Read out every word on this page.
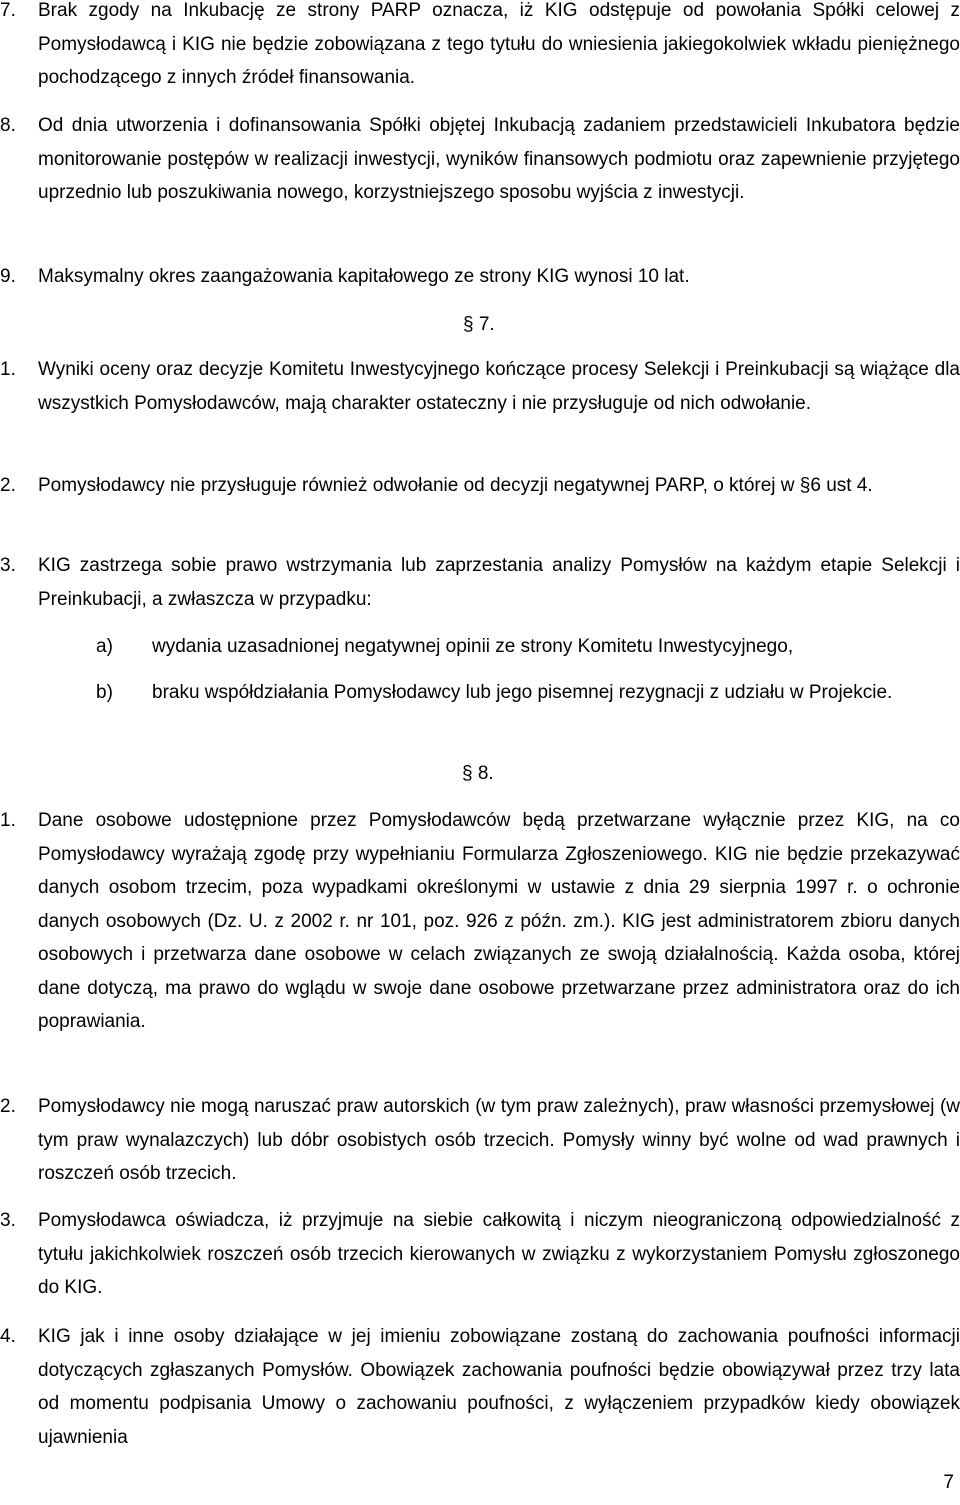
7. Brak zgody na Inkubację ze strony PARP oznacza, iż KIG odstępuje od powołania Spółki celowej z Pomysłodawcą i KIG nie będzie zobowiązana z tego tytułu do wniesienia jakiegokolwiek wkładu pieniężnego pochodzącego z innych źródeł finansowania.
8. Od dnia utworzenia i dofinansowania Spółki objętej Inkubacją zadaniem przedstawicieli Inkubatora będzie monitorowanie postępów w realizacji inwestycji, wyników finansowych podmiotu oraz zapewnienie przyjętego uprzednio lub poszukiwania nowego, korzystniejszego sposobu wyjścia z inwestycji.
9. Maksymalny okres zaangażowania kapitałowego ze strony KIG wynosi 10 lat.
§ 7.
1. Wyniki oceny oraz decyzje Komitetu Inwestycyjnego kończące procesy Selekcji i Preinkubacji są wiążące dla wszystkich Pomysłodawców, mają charakter ostateczny i nie przysługuje od nich odwołanie.
2. Pomysłodawcy nie przysługuje również odwołanie od decyzji negatywnej PARP, o której w §6 ust 4.
3. KIG zastrzega sobie prawo wstrzymania lub zaprzestania analizy Pomysłów na każdym etapie Selekcji i Preinkubacji, a zwłaszcza w przypadku:
a) wydania uzasadnionej negatywnej opinii ze strony Komitetu Inwestycyjnego,
b) braku współdziałania Pomysłodawcy lub jego pisemnej rezygnacji z udziału w Projekcie.
§ 8.
1. Dane osobowe udostępnione przez Pomysłodawców będą przetwarzane wyłącznie przez KIG, na co Pomysłodawcy wyrażają zgodę przy wypełnianiu Formularza Zgłoszeniowego. KIG nie będzie przekazywać danych osobom trzecim, poza wypadkami określonymi w ustawie z dnia 29 sierpnia 1997 r. o ochronie danych osobowych (Dz. U. z 2002 r. nr 101, poz. 926 z późn. zm.). KIG jest administratorem zbioru danych osobowych i przetwarza dane osobowe w celach związanych ze swoją działalnością. Każda osoba, której dane dotyczą, ma prawo do wglądu w swoje dane osobowe przetwarzane przez administratora oraz do ich poprawiania.
2. Pomysłodawcy nie mogą naruszać praw autorskich (w tym praw zależnych), praw własności przemysłowej (w tym praw wynalazczych) lub dóbr osobistych osób trzecich. Pomysły winny być wolne od wad prawnych i roszczeń osób trzecich.
3. Pomysłodawca oświadcza, iż przyjmuje na siebie całkowitą i niczym nieograniczoną odpowiedzialność z tytułu jakichkolwiek roszczeń osób trzecich kierowanych w związku z wykorzystaniem Pomysłu zgłoszonego do KIG.
4. KIG jak i inne osoby działające w jej imieniu zobowiązane zostaną do zachowania poufności informacji dotyczących zgłaszanych Pomysłów. Obowiązek zachowania poufności będzie obowiązywał przez trzy lata od momentu podpisania Umowy o zachowaniu poufności, z wyłączeniem przypadków kiedy obowiązek ujawnienia
7
